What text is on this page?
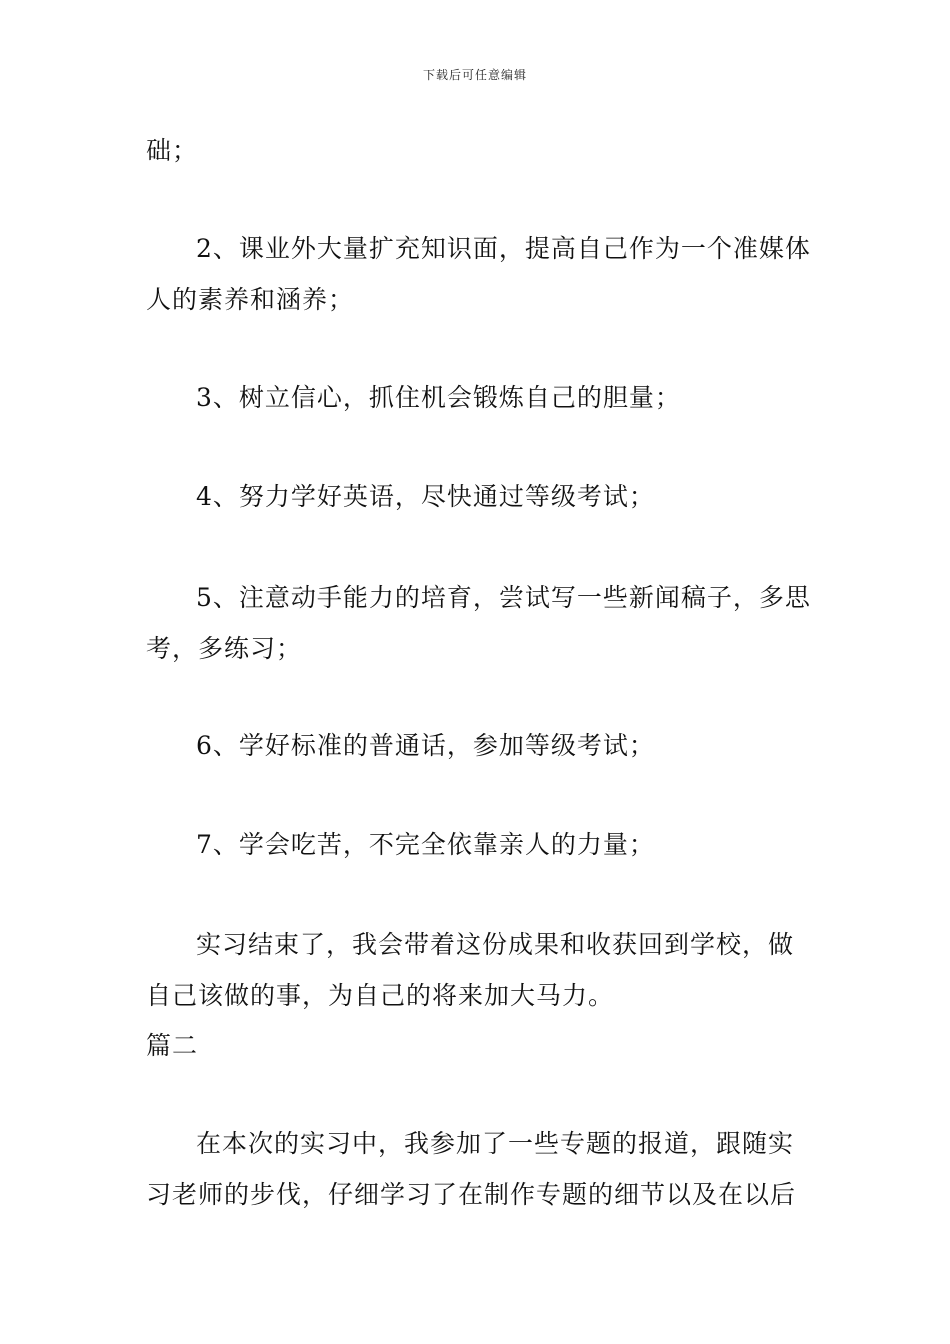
下载后可任意编辑
础；
2、课业外大量扩充知识面，提高自己作为一个准媒体
人的素养和涵养；
3、树立信心，抓住机会锻炼自己的胆量；
4、努力学好英语，尽快通过等级考试；
5、注意动手能力的培育，尝试写一些新闻稿子，多思
考，多练习；
6、学好标准的普通话，参加等级考试；
7、学会吃苦，不完全依靠亲人的力量；
实习结束了，我会带着这份成果和收获回到学校，做
自己该做的事，为自己的将来加大马力。
篇二
在本次的实习中，我参加了一些专题的报道，跟随实
习老师的步伐，仔细学习了在制作专题的细节以及在以后
